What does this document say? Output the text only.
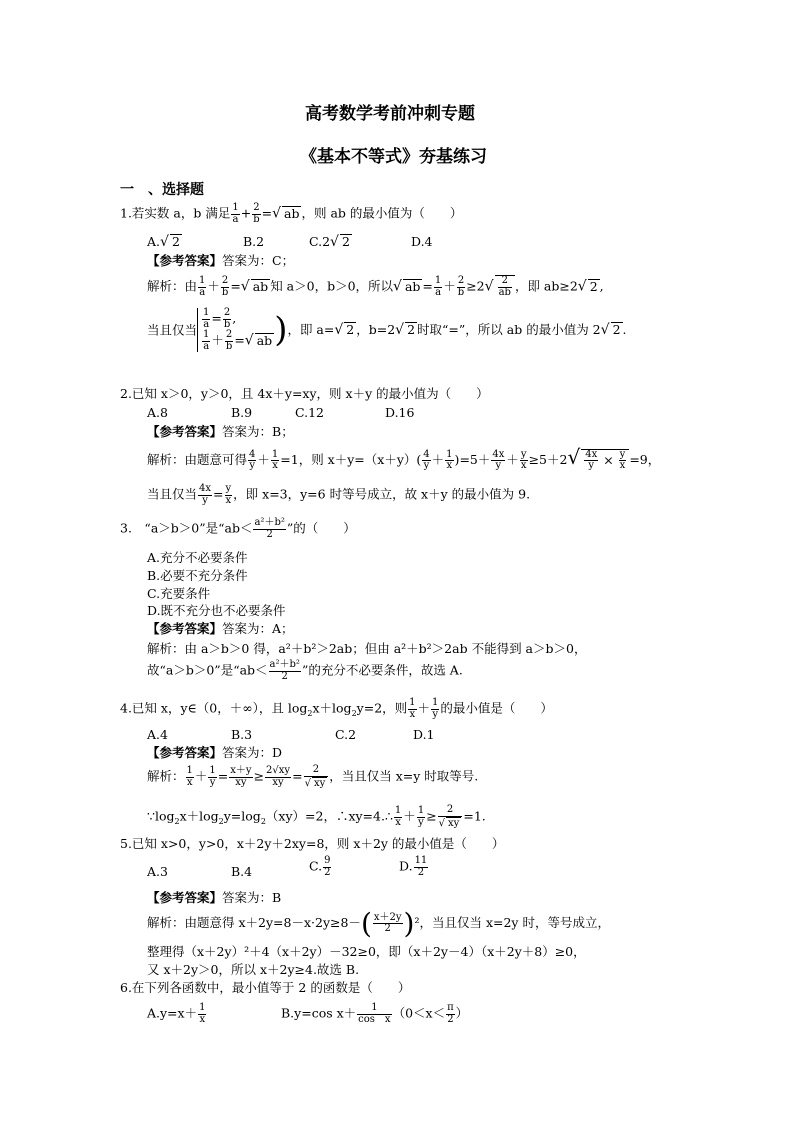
高考数学考前冲刺专题
《基本不等式》夯基练习
一　、选择题
1.若实数 a，b 满足 $\frac{1}{a} + \frac{2}{b}$ =√ ab ，则 ab 的最小值为（　　）
A.√ 2	B.2	C.2√ 2	D.4
【参考答案】答案为：C；
解析：由 $\frac{1}{a} + \frac{2}{b}$ =√ ab 知 a＞0，b＞0，所以√ ab = $\frac{1}{a} + \frac{2}{b} \ge 2√ \frac{2}{ab}$ ，即 ab≥2√ 2 ,
当且仅当 $\frac{1}{a} = \frac{2}{b}$ ,
$\frac{1}{a} + \frac{2}{b}$ =√ ab )，即 a=√ 2 ，b=2√ 2 时取“=”，所以 ab 的最小值为 2√ 2 .
2.已知 x＞0，y＞0，且 4x＋y=xy，则 x＋y 的最小值为（　　）
A.8	B.9	C.12	D.16
【参考答案】答案为：B；
解析：由题意可得 $\frac{4}{y} + \frac{1}{x} =1$，则 $x+y=(x+y)( \frac{4}{y} + \frac{1}{x} )=5+ \frac{4x}{y} + \frac{y}{x} \ge 5+2√ \frac{4x}{y} \times \frac{y}{x} =9$，
当且仅当 $\frac{4x}{y} = \frac{y}{x}$ ，即 x=3，y=6 时等号成立，故 x＋y 的最小值为 9.
3.　“a＞b＞0”是“$ab< \frac{\text{a²＋b²}}{2}$ ”的（　　）
A.充分不必要条件
B.必要不充分条件
C.充要条件
D.既不充分也不必要条件
【参考答案】答案为：A；
解析：由 a＞b＞0 得，a²＋b²＞2ab；但由 a²＋b²＞2ab 不能得到 a＞b＞0，
故“a＞b＞0”是“$ab< \frac{\text{a²＋b²}}{2}$ ”的充分不必要条件，故选 A.
4.已知 x，y∈（0，＋∞），且 $\log_2x+\log_2y=2$，则 $\frac{1}{x} + \frac{1}{y}$ 的最小值是（　　）
A.4	B.3	C.2	D.1
【参考答案】答案为：D
解析： $\frac{1}{x} + \frac{1}{y} = \frac{x+y}{xy} \ge \frac{2√xy}{xy} = \frac{2}{√ xy}$ ，当且仅当 x=y 时取等号.
$\because\log_2x+\log_2y=\log_2(xy)=2$，∴xy=4.∴ $\frac{1}{x} + \frac{1}{y} \ge \frac{2}{√ xy} =1$.
5.已知 x>0，y>0，x＋2y＋2xy=8，则 x＋2y 的最小值是（　　）
A.3	B.4	C. $\frac{9}{2}$	D. $\frac{11}{2}$
【参考答案】答案为：B
解析：由题意得 $x+2y=8-x\cdot 2y\ge 8-( \frac{x+2y}{2} )^2$，当且仅当 x=2y 时，等号成立，
整理得（x＋2y）²＋4（x＋2y）－32≥0，即（x＋2y－4）（x＋2y＋8）≥0，
又 x＋2y＞0，所以 x＋2y≥4.故选 B.
6.在下列各函数中，最小值等于 2 的函数是（　　）
$A.y=x+ \frac{1}{x}$	B.y=cos $x+ \frac{1}{\text{cos　x}} (0<x< \frac{\pi}{2}$ ）
